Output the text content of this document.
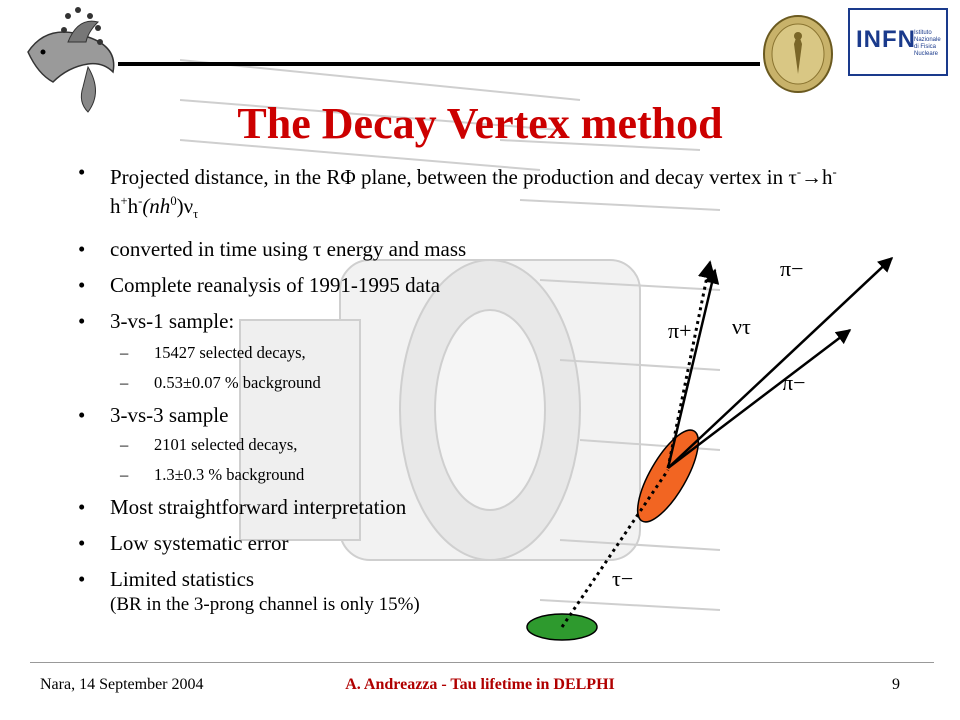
INFN
Istituto Nazionale
di Fisica Nucleare
The Decay Vertex method
• Projected distance, in the RΦ plane, between the production and decay vertex in $\tau^-\to h^-h^+h^-(nh^0)\nu_\tau$
• converted in time using τ energy and mass
• Complete reanalysis of 1991-1995 data
• 3-vs-1 sample:
– 15427 selected decays,
– 0.53±0.07 % background
• 3-vs-3 sample
– 2101 selected decays,
– 1.3±0.3 % background
• Most straightforward interpretation
• Low systematic error
• Limited statistics
(BR in the 3-prong channel is only 15%)
π−
π+ ντ
π−
τ−
A. Andreazza - Tau lifetime in DELPHI
Nara, 14 September 2004	9
